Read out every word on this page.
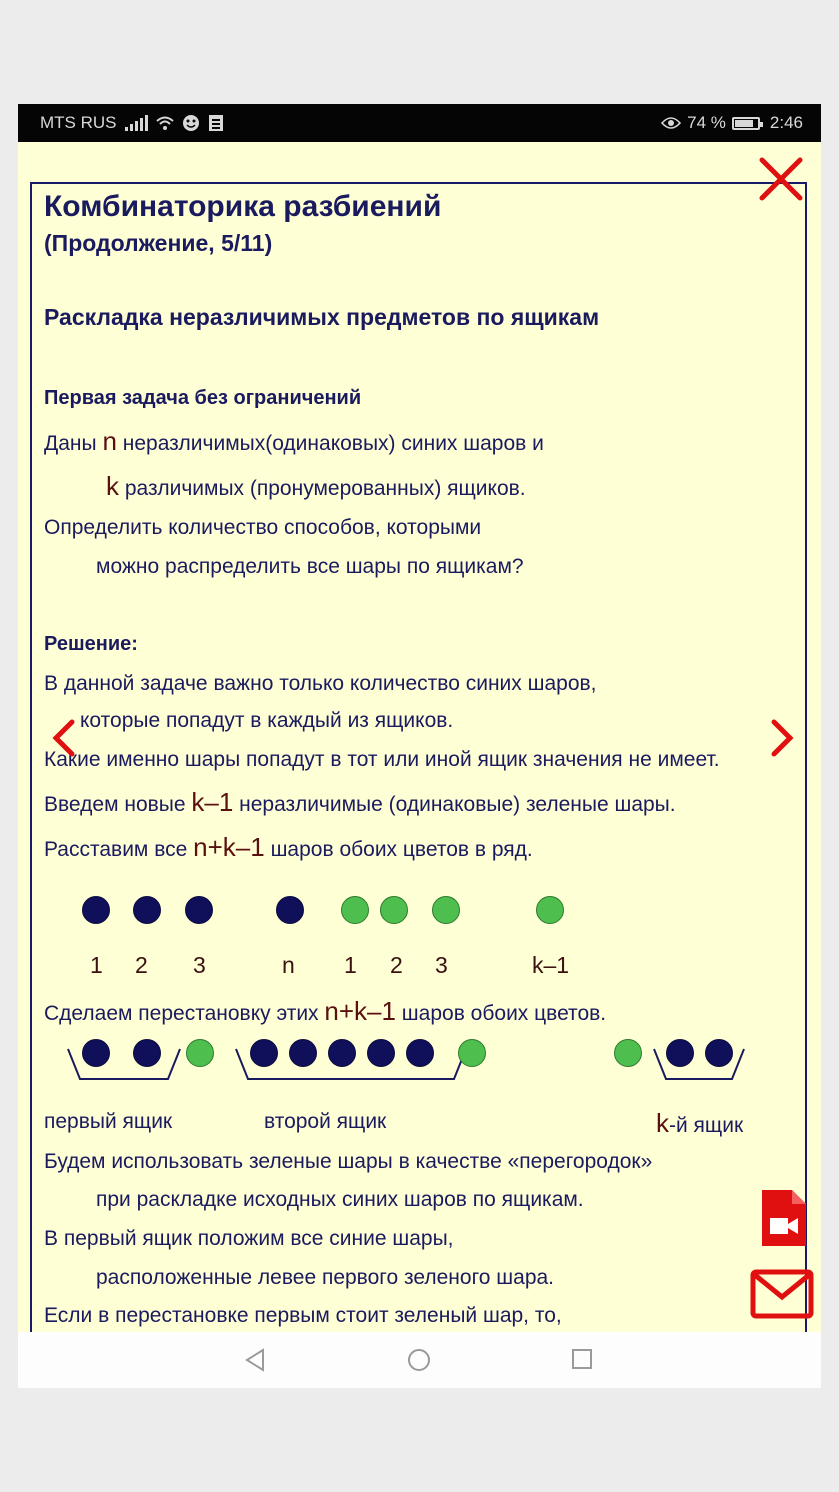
MTS RUS	74 %	2:46
Комбинаторика разбиений
(Продолжение, 5/11)
Раскладка неразличимых предметов по ящикам
Первая задача без ограничений
Даны n неразличимых(одинаковых) синих шаров и
k различимых (пронумерованных) ящиков.
Определить количество способов, которыми
можно распределить все шары по ящикам?
Решение:
В данной задаче важно только количество синих шаров,
которые попадут в каждый из ящиков.
Какие именно шары попадут в тот или иной ящик значения не имеет.
Введем новые k–1 неразличимые (одинаковые) зеленые шары.
Расставим все n+k–1 шаров обоих цветов в ряд.
1 2 3	n 1 2 3	k–1
Сделаем перестановку этих n+k–1 шаров обоих цветов.
первый ящик	второй ящик	k-й ящик
Будем использовать зеленые шары в качестве «перегородок»
при раскладке исходных синих шаров по ящикам.
В первый ящик положим все синие шары,
расположенные левее первого зеленого шара.
Если в перестановке первым стоит зеленый шар, то,
